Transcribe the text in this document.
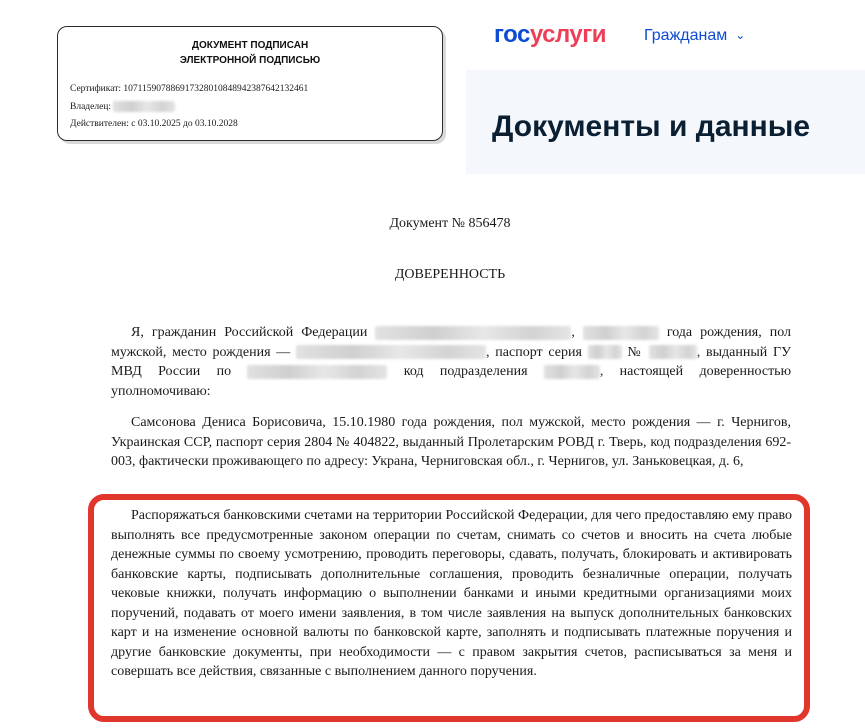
ДОКУМЕНТ ПОДПИСАН
ЭЛЕКТРОННОЙ ПОДПИСЬЮ
Сертификат: 1071159078869173280108489423876421324​61
Владелец:
Действителен: с 03.10.2025 до 03.10.2028
госуслуги Гражданам ⌄
Документы и данные
Документ № 856478
ДОВЕРЕННОСТЬ
Я, гражданин Российской Федерации	,	года рождения, пол мужской, место рождения —	, паспорт серия	№	, выданный ГУ МВД России по	код подразделения	, настоящей доверенностью уполномочиваю:
Самсонова Дениса Борисовича, 15.10.1980 года рождения, пол мужской, место рождения — г. Чернигов, Украинская ССР, паспорт серия 2804 № 404822, выданный Пролетарским РОВД г. Тверь, код подразделения 692-003, фактически проживающего по адресу: Украна, Черниговская обл., г. Чернигов, ул. Заньковецкая, д. 6,
Распоряжаться банковскими счетами на территории Российской Федерации, для чего предоставляю ему право выполнять все предусмотренные законом операции по счетам, снимать со счетов и вносить на счета любые денежные суммы по своему усмотрению, проводить переговоры, сдавать, получать, блокировать и активировать банковские карты, подписывать дополнительные соглашения, проводить безналичные операции, получать чековые книжки, получать информацию о выполнении банками и иными кредитными организациями моих поручений, подавать от моего имени заявления, в том числе заявления на выпуск дополнительных банковских карт и на изменение основной валюты по банковской карте, заполнять и подписывать платежные поручения и другие банковские документы, при необходимости — с правом закрытия счетов, расписываться за меня и совершать все действия, связанные с выполнением данного поручения.
